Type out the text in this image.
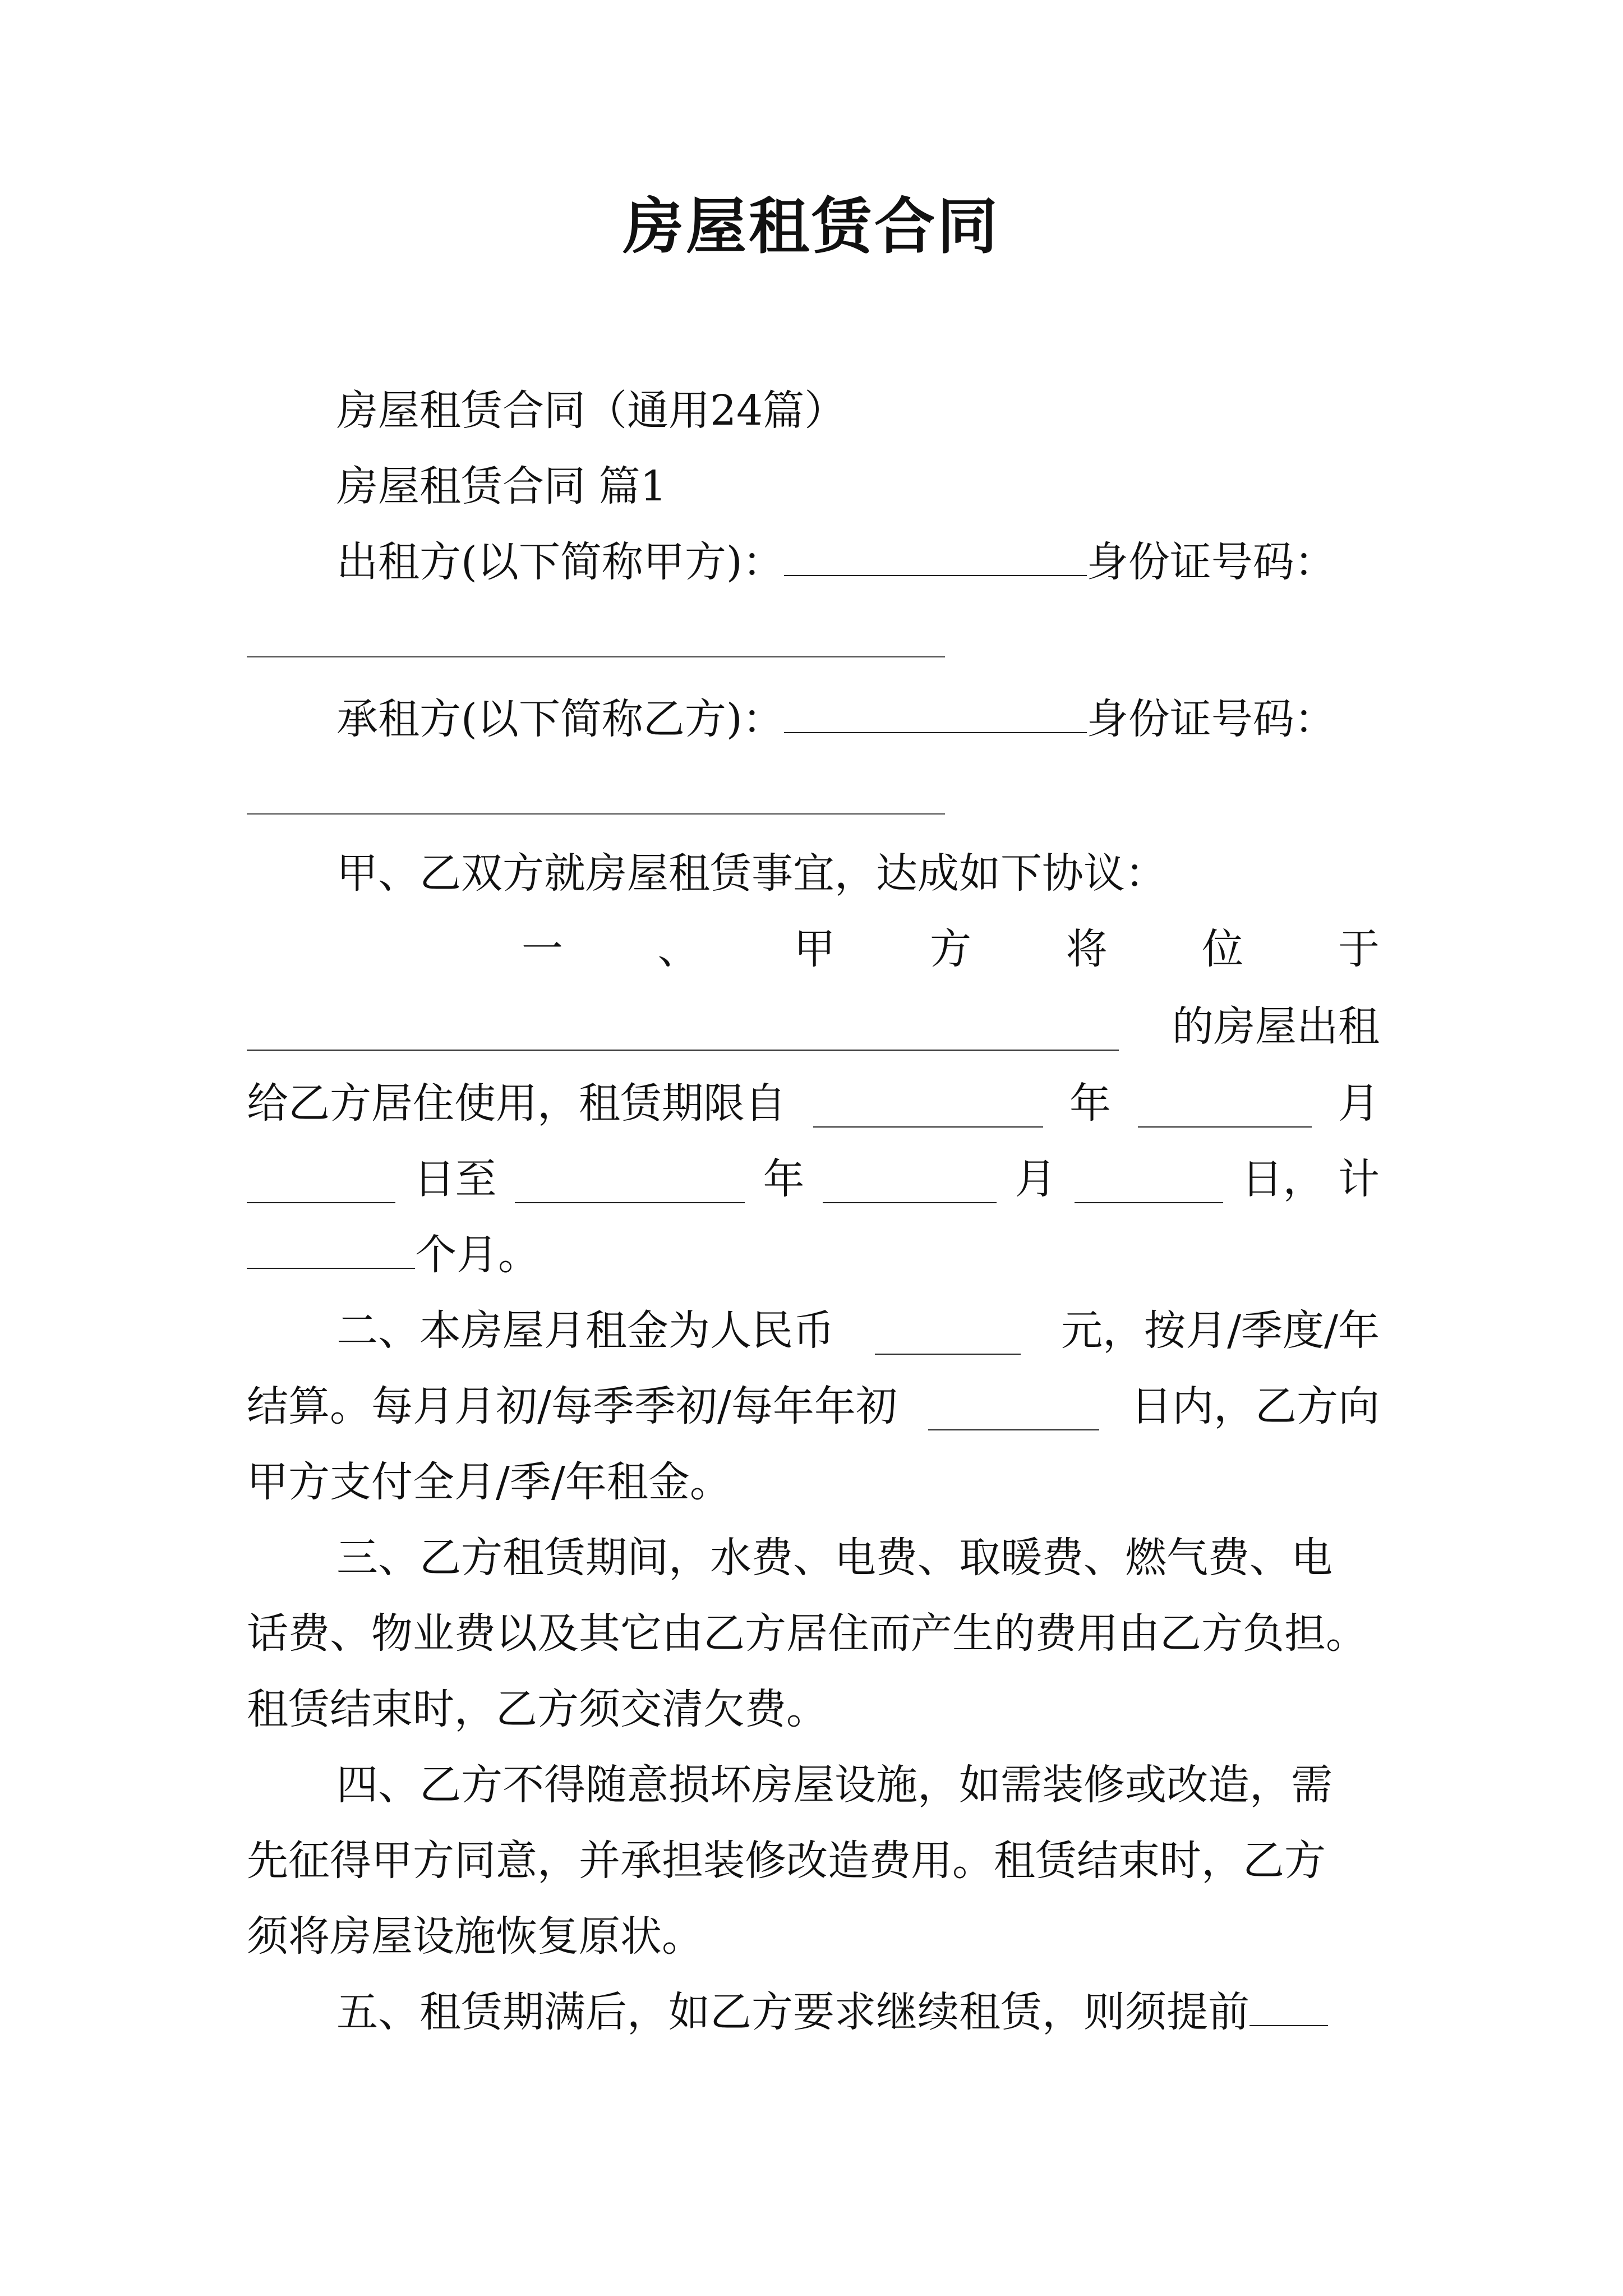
房屋租赁合同
房屋租赁合同（通用24篇）
房屋租赁合同 篇1
出租方(以下简称甲方)：	身份证号码：
承租方(以下简称乙方)：	身份证号码：
甲、乙双方就房屋租赁事宜，达成如下协议：
一 、 甲 方 将 位 于
的房屋出租
给乙方居住使用，租赁期限自	年	月
日至	年	月	日， 计
个月。
二、本房屋月租金为人民币	元，按月/季度/年
结算。每月月初/每季季初/每年年初	日内，乙方向
甲方支付全月/季/年租金。
三、乙方租赁期间，水费、电费、取暖费、燃气费、电
话费、物业费以及其它由乙方居住而产生的费用由乙方负担。
租赁结束时，乙方须交清欠费。
四、乙方不得随意损坏房屋设施，如需装修或改造，需
先征得甲方同意，并承担装修改造费用。租赁结束时，乙方
须将房屋设施恢复原状。
五、租赁期满后，如乙方要求继续租赁，则须提前
